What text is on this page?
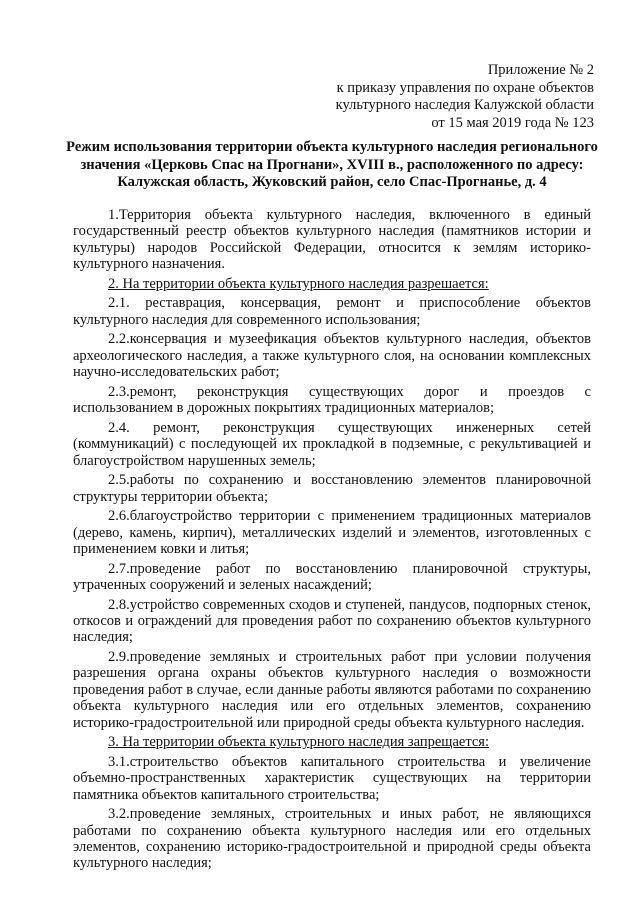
Приложение № 2
к приказу управления по охране объектов
культурного наследия Калужской области
от 15 мая 2019 года № 123
Режим использования территории объекта культурного наследия регионального
значения «Церковь Спас на Прогнани», XVIII в., расположенного по адресу:
Калужская область, Жуковский район, село Спас-Прогнанье, д. 4

1.Территория объекта культурного наследия, включенного в единый государственный реестр объектов культурного наследия (памятников истории и культуры) народов Российской Федерации, относится к землям историко-культурного назначения.

2. На территории объекта культурного наследия разрешается:

2.1. реставрация, консервация, ремонт и приспособление объектов культурного наследия для современного использования;

2.2.консервация и музеефикация объектов культурного наследия, объектов археологического наследия, а также культурного слоя, на основании комплексных научно-исследовательских работ;

2.3.ремонт, реконструкция существующих дорог и проездов с использованием в дорожных покрытиях традиционных материалов;

2.4. ремонт, реконструкция существующих инженерных сетей (коммуникаций) с последующей их прокладкой в подземные, с рекультивацией и благоустройством нарушенных земель;

2.5.работы по сохранению и восстановлению элементов планировочной структуры территории объекта;

2.6.благоустройство территории с применением традиционных материалов (дерево, камень, кирпич), металлических изделий и элементов, изготовленных с применением ковки и литья;

2.7.проведение работ по восстановлению планировочной структуры, утраченных сооружений и зеленых насаждений;

2.8.устройство современных сходов и ступеней, пандусов, подпорных стенок, откосов и ограждений для проведения работ по сохранению объектов культурного наследия;

2.9.проведение земляных и строительных работ при условии получения разрешения органа охраны объектов культурного наследия о возможности проведения работ в случае, если данные работы являются работами по сохранению объекта культурного наследия или его отдельных элементов, сохранению историко-градостроительной или природной среды объекта культурного наследия.

3. На территории объекта культурного наследия запрещается:

3.1.строительство объектов капитального строительства и увеличение объемно-пространственных характеристик существующих на территории памятника объектов капитального строительства;

3.2.проведение земляных, строительных и иных работ, не являющихся работами по сохранению объекта культурного наследия или его отдельных элементов, сохранению историко-градостроительной и природной среды объекта культурного наследия;
